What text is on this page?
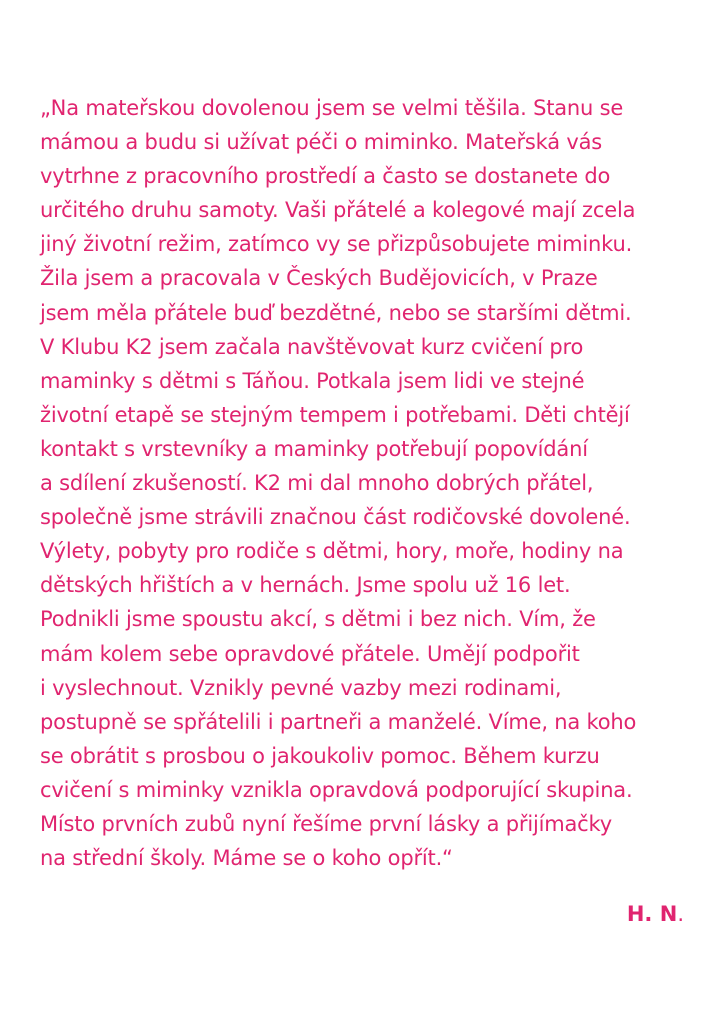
„Na mateřskou dovolenou jsem se velmi těšila. Stanu se
mámou a budu si užívat péči o miminko. Mateřská vás
vytrhne z pracovního prostředí a často se dostanete do
určitého druhu samoty. Vaši přátelé a kolegové mají zcela
jiný životní režim, zatímco vy se přizpůsobujete miminku.
Žila jsem a pracovala v Českých Budějovicích, v Praze
jsem měla přátele buď bezdětné, nebo se staršími dětmi.
V Klubu K2 jsem začala navštěvovat kurz cvičení pro
maminky s dětmi s Táňou. Potkala jsem lidi ve stejné
životní etapě se stejným tempem i potřebami. Děti chtějí
kontakt s vrstevníky a maminky potřebují popovídání
a sdílení zkušeností. K2 mi dal mnoho dobrých přátel,
společně jsme strávili značnou část rodičovské dovolené.
Výlety, pobyty pro rodiče s dětmi, hory, moře, hodiny na
dětských hřištích a v hernách. Jsme spolu už 16 let.
Podnikli jsme spoustu akcí, s dětmi i bez nich. Vím, že
mám kolem sebe opravdové přátele. Umějí podpořit
i vyslechnout. Vznikly pevné vazby mezi rodinami,
postupně se spřátelili i partneři a manželé. Víme, na koho
se obrátit s prosbou o jakoukoliv pomoc. Během kurzu
cvičení s miminky vznikla opravdová podporující skupina.
Místo prvních zubů nyní řešíme první lásky a přijímačky
na střední školy. Máme se o koho opřít.“

H. N.
